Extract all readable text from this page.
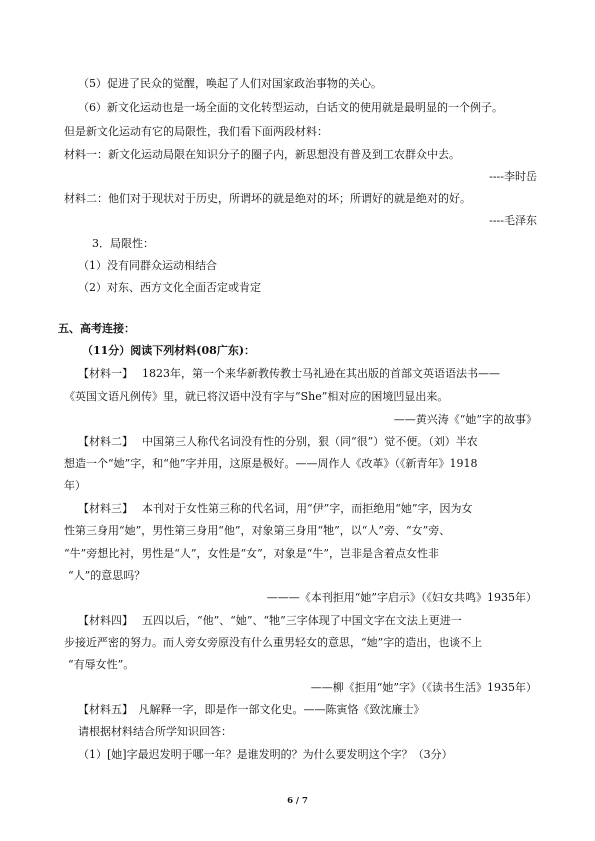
（5）促进了民众的觉醒，唤起了人们对国家政治事物的关心。
（6）新文化运动也是一场全面的文化转型运动，白话文的使用就是最明显的一个例子。
但是新文化运动有它的局限性，我们看下面两段材料：
材料一：新文化运动局限在知识分子的圈子内，新思想没有普及到工农群众中去。
----李时岳
材料二：他们对于现状对于历史，所谓坏的就是绝对的坏；所谓好的就是绝对的好。
----毛泽东
3．局限性：
（1）没有同群众运动相结合
（2）对东、西方文化全面否定或肯定
五、高考连接：
（11分）阅读下列材料(08广东)：
【材料一】　 1823年，第一个来华新教传教士马礼逊在其出版的首部文英语语法书——
《英国文语凡例传》里，就已将汉语中没有字与“She”相对应的困境凹显出来。
——黄兴涛《“她”字的故事》
【材料二】　 中国第三人称代名词没有性的分别，狠（同“很”）觉不便。（刘）半农
想造一个“她”字，和“他”字并用，这原是极好。——周作人《改革》（《新青年》1918
年）
【材料三】　 本刊对于女性第三称的代名词，用“伊”字，而拒绝用“她”字，因为女
性第三身用“她”，男性第三身用“他”，对象第三身用“牠”，以“人”旁、“女”旁、
“牛”旁想比衬，男性是“人”，女性是“女”，对象是“牛”，岂非是含着点女性非
“人”的意思吗？
———《本刊拒用“她”字启示》（《妇女共鸣》1935年）
【材料四】　 五四以后，“他”、“她”、“牠”三字体现了中国文字在文法上更进一
步接近严密的努力。而人旁女旁原没有什么重男轻女的意思，“她”字的造出，也谈不上
“有辱女性”。
——柳《拒用“她”字》（《读书生活》1935年）
【材料五】　凡解释一字，即是作一部文化史。——陈寅恪《致沈廉士》
请根据材料结合所学知识回答：
（1）[她]字最迟发明于哪一年？是谁发明的？为什么要发明这个字？（3分）
6 / 7
